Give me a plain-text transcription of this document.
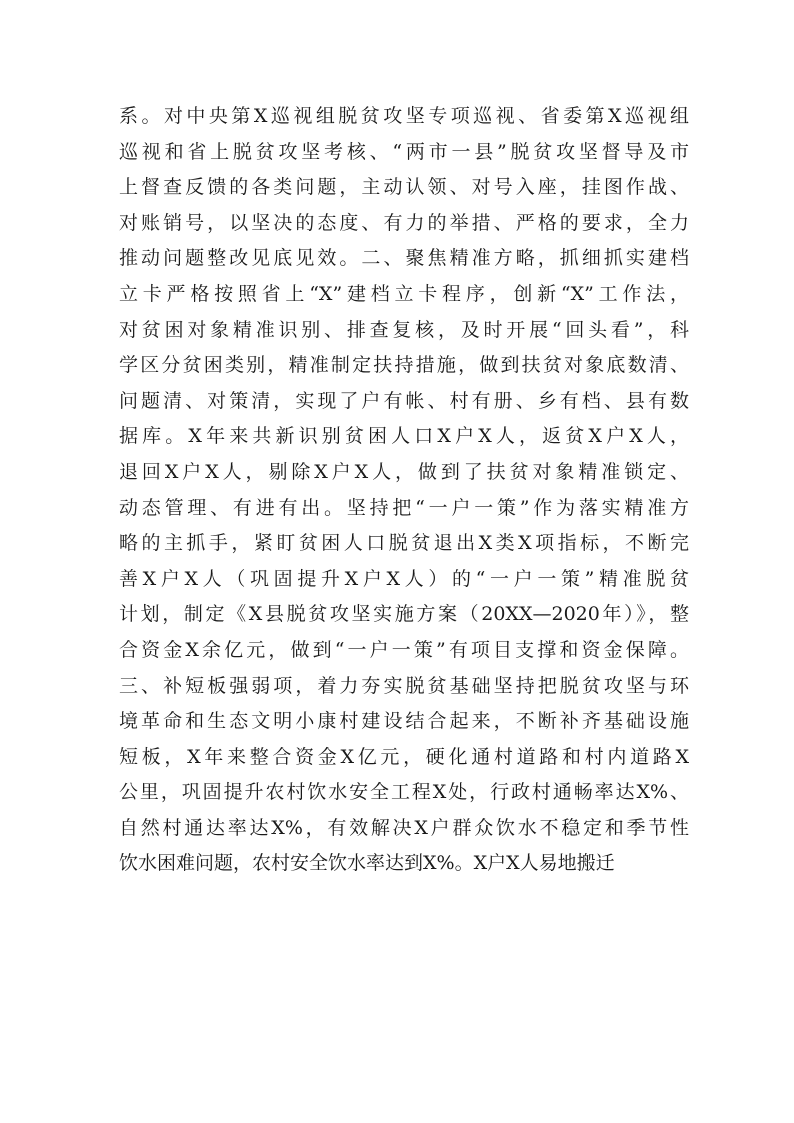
系。对中央第X巡视组脱贫攻坚专项巡视、省委第X巡视组
巡视和省上脱贫攻坚考核、“两市一县”脱贫攻坚督导及市
上督查反馈的各类问题，主动认领、对号入座，挂图作战、
对账销号，以坚决的态度、有力的举措、严格的要求，全力
推动问题整改见底见效。二、聚焦精准方略，抓细抓实建档
立卡严格按照省上“X”建档立卡程序，创新“X”工作法，
对贫困对象精准识别、排查复核，及时开展“回头看”，科
学区分贫困类别，精准制定扶持措施，做到扶贫对象底数清、
问题清、对策清，实现了户有帐、村有册、乡有档、县有数
据库。X年来共新识别贫困人口X户X人，返贫X户X人，
退回X户X人，剔除X户X人，做到了扶贫对象精准锁定、
动态管理、有进有出。坚持把“一户一策”作为落实精准方
略的主抓手，紧盯贫困人口脱贫退出X类X项指标，不断完
善X户X人（巩固提升X户X人）的“一户一策”精准脱贫
计划，制定《X县脱贫攻坚实施方案（20XX—2020年）》，整
合资金X余亿元，做到“一户一策”有项目支撑和资金保障。
三、补短板强弱项，着力夯实脱贫基础坚持把脱贫攻坚与环
境革命和生态文明小康村建设结合起来，不断补齐基础设施
短板，X年来整合资金X亿元，硬化通村道路和村内道路X
公里，巩固提升农村饮水安全工程X处，行政村通畅率达X%、
自然村通达率达X%，有效解决X户群众饮水不稳定和季节性
饮水困难问题，农村安全饮水率达到X%。X户X人易地搬迁
